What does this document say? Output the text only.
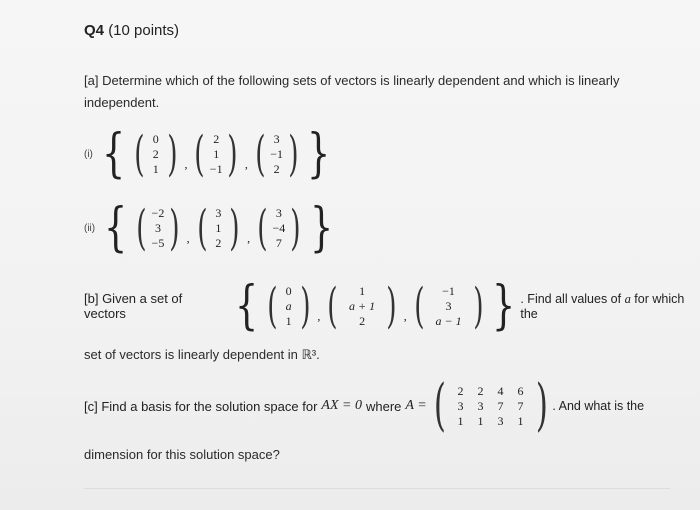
Q4 (10 points)
[a] Determine which of the following sets of vectors is linearly dependent and which is linearly
independent.
(i) { ( 0
2
1 ) , ( 2
1
−1 ) , ( 3
−1
2 ) }
(ii) { ( −2
3
−5 ) , ( 3
1
2 ) , ( 3
−4
7 ) }
[b] Given a set of vectors	{ ( 0
a
1 ) , ( 1
a + 1
2 ) , ( −1
3
a − 1 ) } . Find all values of a for which the
set of vectors is linearly dependent in ℝ³.
[c] Find a basis for the solution space for AX = 0 where A = ( 2	2	4	6
3	3	7	7
1	1	3	1 ) . And what is the
dimension for this solution space?
